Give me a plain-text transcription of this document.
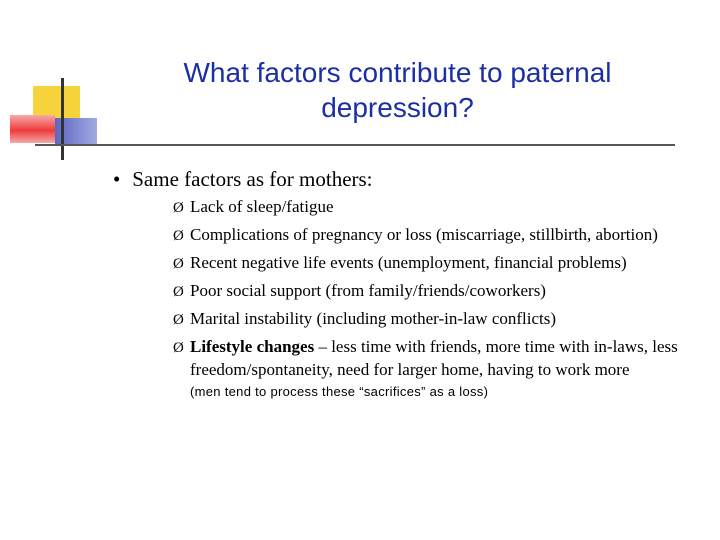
What factors contribute to paternal depression?
• Same factors as for mothers:
Ø Lack of sleep/fatigue
Ø Complications of pregnancy or loss (miscarriage, stillbirth, abortion)
Ø Recent negative life events (unemployment, financial problems)
Ø Poor social support (from family/friends/coworkers)
Ø Marital instability (including mother-in-law conflicts)
Ø Lifestyle changes – less time with friends, more time with in-laws, less freedom/spontaneity, need for larger home, having to work more
(men tend to process these “sacrifices” as a loss)
